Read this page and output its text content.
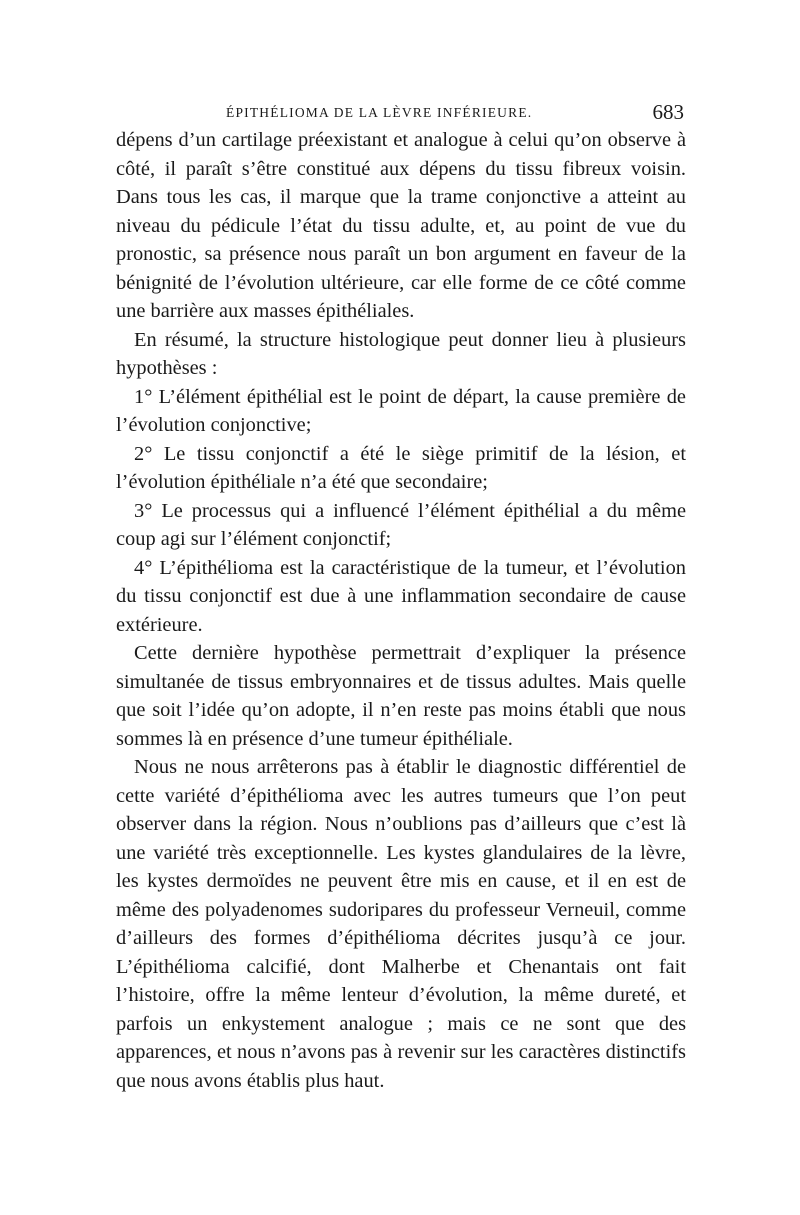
ÉPITHÉLIOMA DE LA LÈVRE INFÉRIEURE.	683

dépens d’un cartilage préexistant et analogue à celui qu’on observe à côté, il paraît s’être constitué aux dépens du tissu fibreux voisin. Dans tous les cas, il marque que la trame conjonctive a atteint au niveau du pédicule l’état du tissu adulte, et, au point de vue du pronostic, sa présence nous paraît un bon argument en faveur de la bénignité de l’évolution ultérieure, car elle forme de ce côté comme une barrière aux masses épithéliales.

En résumé, la structure histologique peut donner lieu à plusieurs hypothèses :

1° L’élément épithélial est le point de départ, la cause première de l’évolution conjonctive;

2° Le tissu conjonctif a été le siège primitif de la lésion, et l’évolution épithéliale n’a été que secondaire;

3° Le processus qui a influencé l’élément épithélial a du même coup agi sur l’élément conjonctif;

4° L’épithélioma est la caractéristique de la tumeur, et l’évolution du tissu conjonctif est due à une inflammation secondaire de cause extérieure.

Cette dernière hypothèse permettrait d’expliquer la présence simultanée de tissus embryonnaires et de tissus adultes. Mais quelle que soit l’idée qu’on adopte, il n’en reste pas moins établi que nous sommes là en présence d’une tumeur épithéliale.

Nous ne nous arrêterons pas à établir le diagnostic différentiel de cette variété d’épithélioma avec les autres tumeurs que l’on peut observer dans la région. Nous n’oublions pas d’ailleurs que c’est là une variété très exceptionnelle. Les kystes glandulaires de la lèvre, les kystes dermoïdes ne peuvent être mis en cause, et il en est de même des polyadenomes sudoripares du professeur Verneuil, comme d’ailleurs des formes d’épithélioma décrites jusqu’à ce jour. L’épithélioma calcifié, dont Malherbe et Chenantais ont fait l’histoire, offre la même lenteur d’évolution, la même dureté, et parfois un enkystement analogue ; mais ce ne sont que des apparences, et nous n’avons pas à revenir sur les caractères distinctifs que nous avons établis plus haut.
